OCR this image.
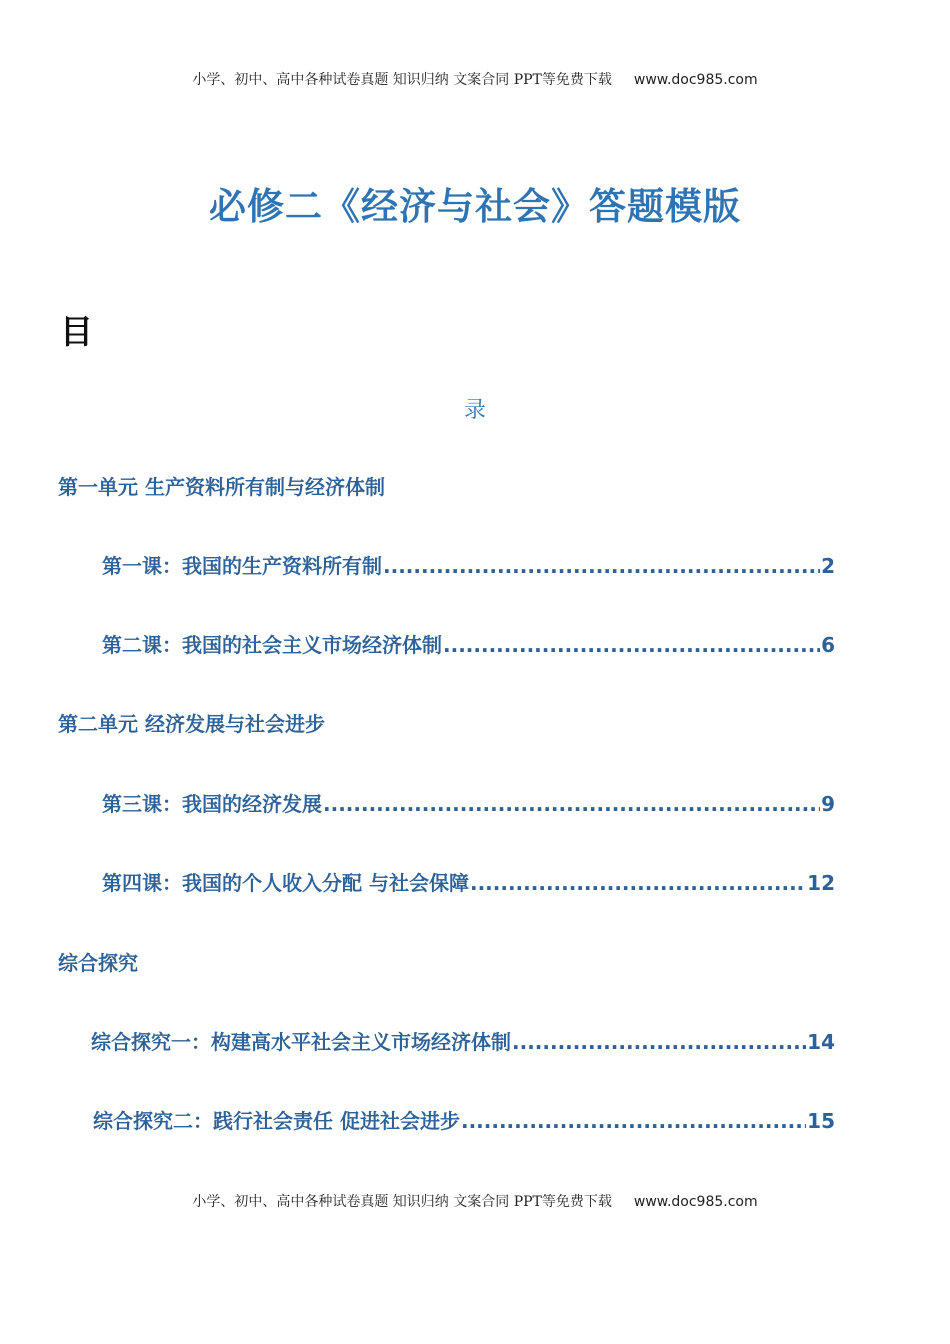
小学、初中、高中各种试卷真题 知识归纳 文案合同 PPT等免费下载 www.doc985.com
必修二《经济与社会》答题模版
目
录
第一单元 生产资料所有制与经济体制
第一课：我国的生产资料所有制 .....	2
第二课：我国的社会主义市场经济体制 .....	6
第二单元 经济发展与社会进步
第三课：我国的经济发展 .....	9
第四课：我国的个人收入分配 与社会保障 .....	12
综合探究
综合探究一：构建高水平社会主义市场经济体制 .....	14
综合探究二：践行社会责任 促进社会进步 .....	15
小学、初中、高中各种试卷真题 知识归纳 文案合同 PPT等免费下载 www.doc985.com
